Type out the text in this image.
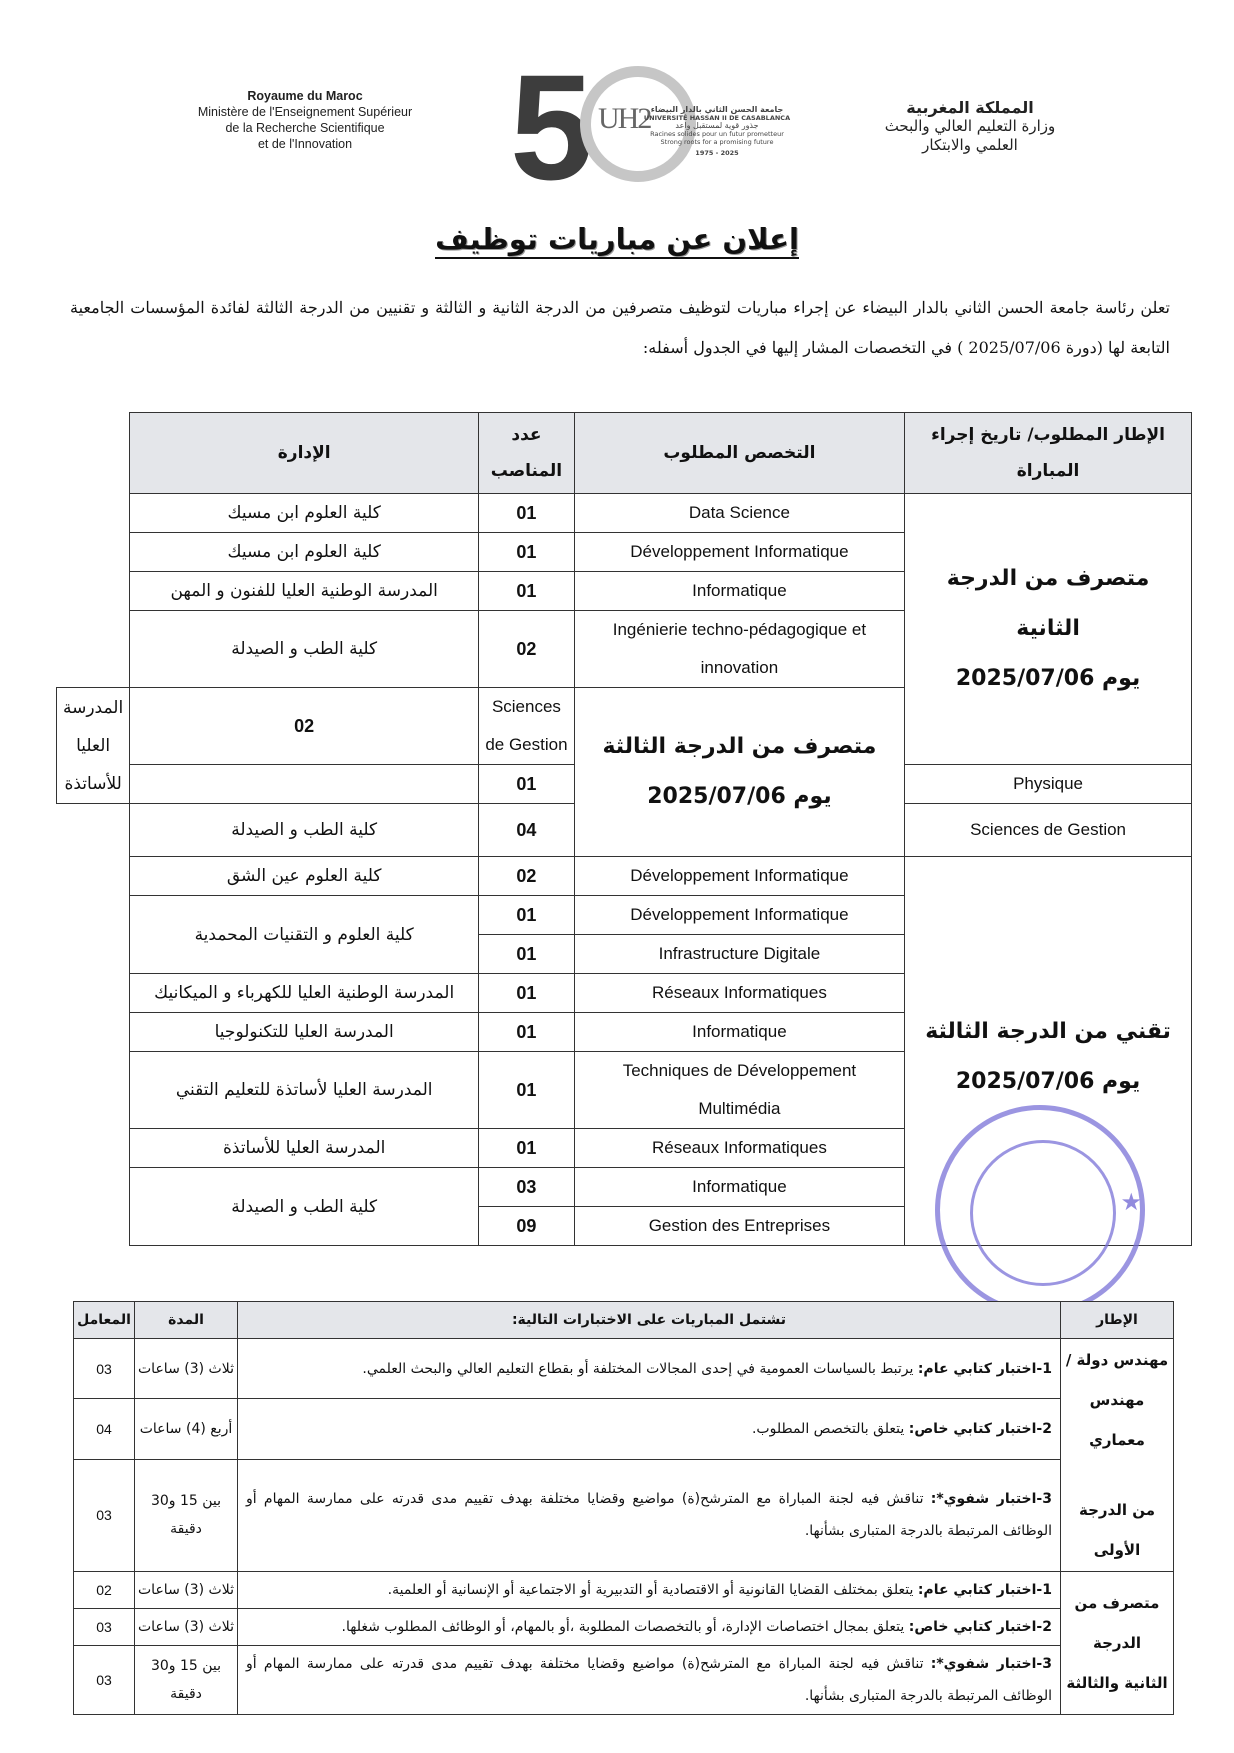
Royaume du Maroc
Ministère de l'Enseignement Supérieur
de la Recherche Scientifique
et de l'Innovation	5 UH2 جامعة الحسن الثاني بالدار البيضاء
UNIVERSITÉ HASSAN II DE CASABLANCA
جذور قوية لمستقبل واعد
Racines solides pour un futur prometteur
Strong roots for a promising future
1975 - 2025
المملكة المغربية
وزارة التعليم العالي والبحث
العلمي والابتكار
إعلان عن مباريات توظيف
تعلن رئاسة جامعة الحسن الثاني بالدار البيضاء عن إجراء مباريات لتوظيف متصرفين من الدرجة الثانية و الثالثة و تقنيين من الدرجة الثالثة لفائدة المؤسسات الجامعية التابعة لها (دورة 2025/07/06 ) في التخصصات المشار إليها في الجدول أسفله:
الإطار المطلوب/ تاريخ إجراء المباراة	التخصص المطلوب	عدد المناصب	الإدارة	

متصرف من الدرجة الثانية
يوم 2025/07/06	Data Science	01	كلية العلوم ابن مسيك	
	Développement Informatique	01	كلية العلوم ابن مسيك	
	Informatique	01	المدرسة الوطنية العليا للفنون و المهن	
	Ingénierie techno-pédagogique et innovation	02	كلية الطب و الصيدلة	

	متصرف من الدرجة الثالثة
يوم 2025/07/06	Sciences de Gestion	02	المدرسة العليا للأساتذة
Physique		01		
Sciences de Gestion		04	كلية الطب و الصيدلة	

تقني من الدرجة الثالثة
يوم 2025/07/06	Développement Informatique	02	كلية العلوم عين الشق	
	Développement Informatique	01	كلية العلوم و التقنيات المحمدية	
	Infrastructure Digitale	01		
	Réseaux Informatiques	01	المدرسة الوطنية العليا للكهرباء و الميكانيك	
	Informatique	01	المدرسة العليا للتكنولوجيا	
	Techniques de Développement Multimédia	01	المدرسة العليا لأساتذة للتعليم التقني	
	Réseaux Informatiques	01	المدرسة العليا للأساتذة	
	Informatique	03	كلية الطب و الصيدلة	
	Gestion des Entreprises	09		
★
الإطار	تشتمل المباريات على الاختبارات التالية:	المدة	المعامل

مهندس دولة /
مهندس معماري
من الدرجة الأولى	1-اختبار كتابي عام: يرتبط بالسياسات العمومية في إحدى المجالات المختلفة أو بقطاع التعليم العالي والبحث العلمي.	ثلاث (3) ساعات	03
	2-اختبار كتابي خاص: يتعلق بالتخصص المطلوب.	أربع (4) ساعات	04
	3-اختبار شفوي*: تناقش فيه لجنة المباراة مع المترشح(ة) مواضيع وقضايا مختلفة بهدف تقييم مدى قدرته على ممارسة المهام أو الوظائف المرتبطة بالدرجة المتبارى بشأنها.	بين 15 و30 دقيقة	03

متصرف من الدرجة
الثانية والثالثة	1-اختبار كتابي عام: يتعلق بمختلف القضايا القانونية أو الاقتصادية أو التدبيرية أو الاجتماعية أو الإنسانية أو العلمية.	ثلاث (3) ساعات	02
	2-اختبار كتابي خاص: يتعلق بمجال اختصاصات الإدارة، أو بالتخصصات المطلوبة ،أو بالمهام، أو الوظائف المطلوب شغلها.	ثلاث (3) ساعات	03
	3-اختبار شفوي*: تناقش فيه لجنة المباراة مع المترشح(ة) مواضيع وقضايا مختلفة بهدف تقييم مدى قدرته على ممارسة المهام أو الوظائف المرتبطة بالدرجة المتبارى بشأنها.	بين 15 و30 دقيقة	03
